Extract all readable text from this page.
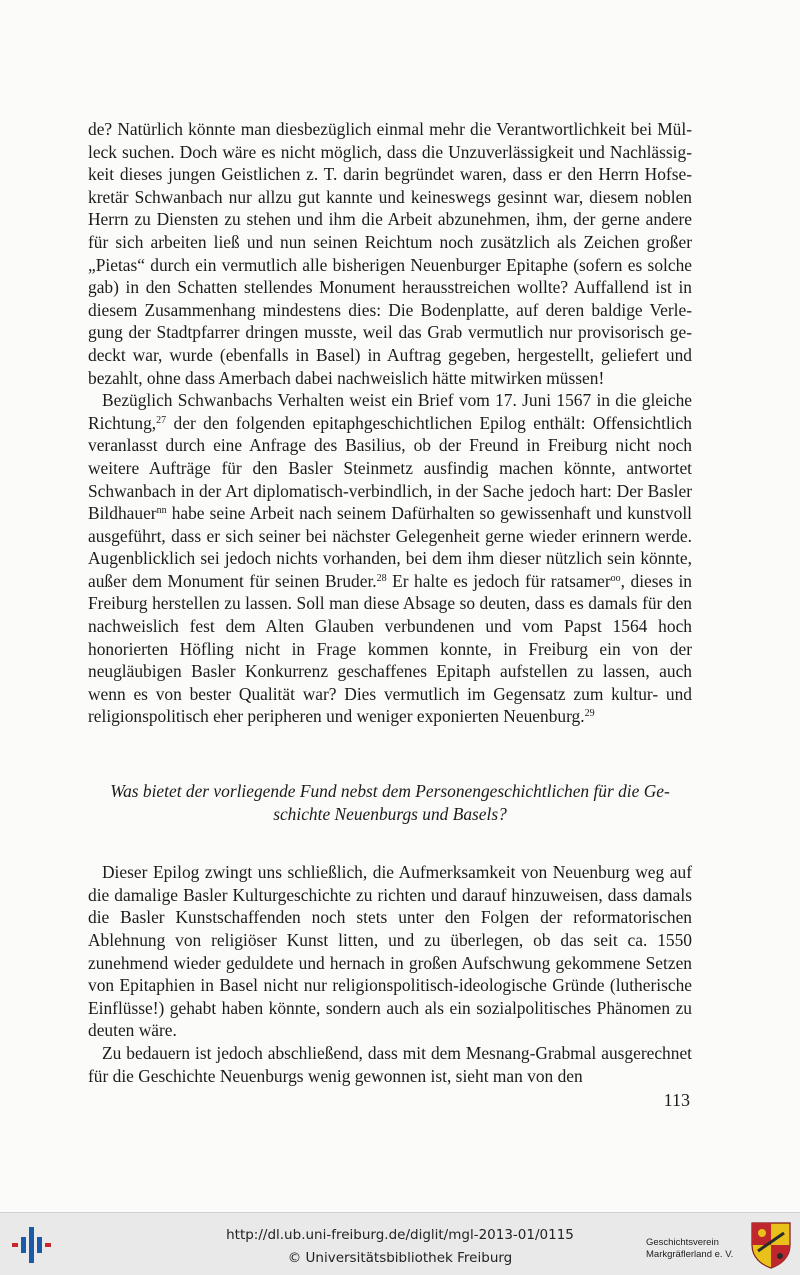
de? Natürlich könnte man diesbezüglich einmal mehr die Verantwortlichkeit bei Mülleck suchen. Doch wäre es nicht möglich, dass die Unzuverlässigkeit und Nachlässigkeit dieses jungen Geistlichen z. T. darin begründet waren, dass er den Herrn Hofsekretär Schwanbach nur allzu gut kannte und keineswegs gesinnt war, diesem noblen Herrn zu Diensten zu stehen und ihm die Arbeit abzunehmen, ihm, der gerne andere für sich arbeiten ließ und nun seinen Reichtum noch zusätzlich als Zeichen großer „Pietas“ durch ein vermutlich alle bisherigen Neuenburger Epitaphe (sofern es solche gab) in den Schatten stellendes Monument herausstreichen wollte? Auffallend ist in diesem Zusammenhang mindestens dies: Die Bodenplatte, auf deren baldige Verlegung der Stadtpfarrer dringen musste, weil das Grab vermutlich nur provisorisch gedeckt war, wurde (ebenfalls in Basel) in Auftrag gegeben, hergestellt, geliefert und bezahlt, ohne dass Amerbach dabei nachweislich hätte mitwirken müssen!

Bezüglich Schwanbachs Verhalten weist ein Brief vom 17. Juni 1567 in die gleiche Richtung,$^{27}$ der den folgenden epitaphgeschichtlichen Epilog enthält: Offensichtlich veranlasst durch eine Anfrage des Basilius, ob der Freund in Freiburg nicht noch weitere Aufträge für den Basler Steinmetz ausfindig machen könnte, antwortet Schwanbach in der Art diplomatisch-verbindlich, in der Sache jedoch hart: Der Basler Bildhauer$^{nn}$ habe seine Arbeit nach seinem Dafürhalten so gewissenhaft und kunstvoll ausgeführt, dass er sich seiner bei nächster Gelegenheit gerne wieder erinnern werde. Augenblicklich sei jedoch nichts vorhanden, bei dem ihm dieser nützlich sein könnte, außer dem Monument für seinen Bruder.$^{28}$ Er halte es jedoch für ratsamer$^{oo}$, dieses in Freiburg herstellen zu lassen. Soll man diese Absage so deuten, dass es damals für den nachweislich fest dem Alten Glauben verbundenen und vom Papst 1564 hoch honorierten Höfling nicht in Frage kommen konnte, in Freiburg ein von der neugläubigen Basler Konkurrenz geschaffenes Epitaph aufstellen zu lassen, auch wenn es von bester Qualität war? Dies vermutlich im Gegensatz zum kultur- und religionspolitisch eher peripheren und weniger exponierten Neuenburg.$^{29}$

Was bietet der vorliegende Fund nebst dem Personengeschichtlichen für die Geschichte Neuenburgs und Basels?

Dieser Epilog zwingt uns schließlich, die Aufmerksamkeit von Neuenburg weg auf die damalige Basler Kulturgeschichte zu richten und darauf hinzuweisen, dass damals die Basler Kunstschaffenden noch stets unter den Folgen der reformatorischen Ablehnung von religiöser Kunst litten, und zu überlegen, ob das seit ca. 1550 zunehmend wieder geduldete und hernach in großen Aufschwung gekommene Setzen von Epitaphien in Basel nicht nur religionspolitisch-ideologische Gründe (lutherische Einflüsse!) gehabt haben könnte, sondern auch als ein sozialpolitisches Phänomen zu deuten wäre.

Zu bedauern ist jedoch abschließend, dass mit dem Mesnang-Grabmal ausgerechnet für die Geschichte Neuenburgs wenig gewonnen ist, sieht man von den

113
http://dl.ub.uni-freiburg.de/diglit/mgl-2013-01/0115
© Universitätsbibliothek Freiburg
Geschichtsverein
Markgräflerland e. V.
